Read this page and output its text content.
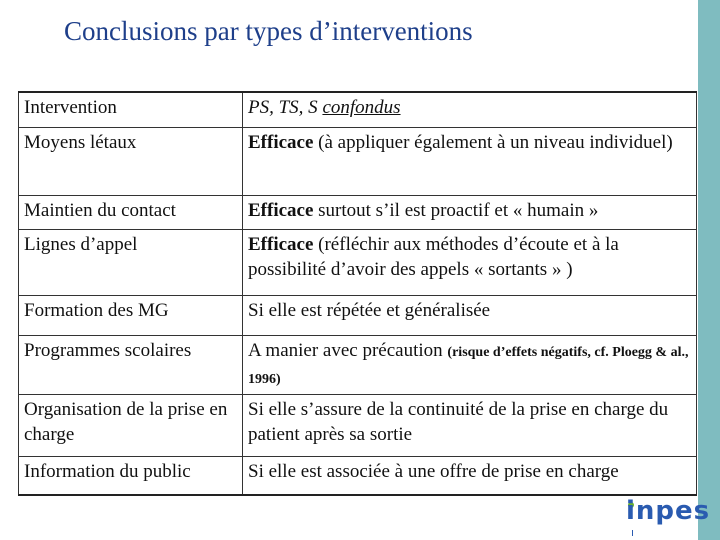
Conclusions par types d’interventions
Intervention	PS, TS, S confondus
Moyens létaux	Efficace (à appliquer également à un niveau individuel)
Maintien du contact	Efficace surtout s’il est proactif et « humain »
Lignes d’appel	Efficace (réfléchir aux méthodes d’écoute et à la possibilité d’avoir des appels « sortants » )
Formation des MG	Si elle est répétée et généralisée
Programmes scolaires	A manier avec précaution (risque d’effets négatifs, cf. Ploegg & al., 1996)
Organisation de la prise en charge	Si elle s’assure de la continuité de la prise en charge du patient après sa sortie
Information du public	Si elle est associée à une offre de prise en charge
inpes
